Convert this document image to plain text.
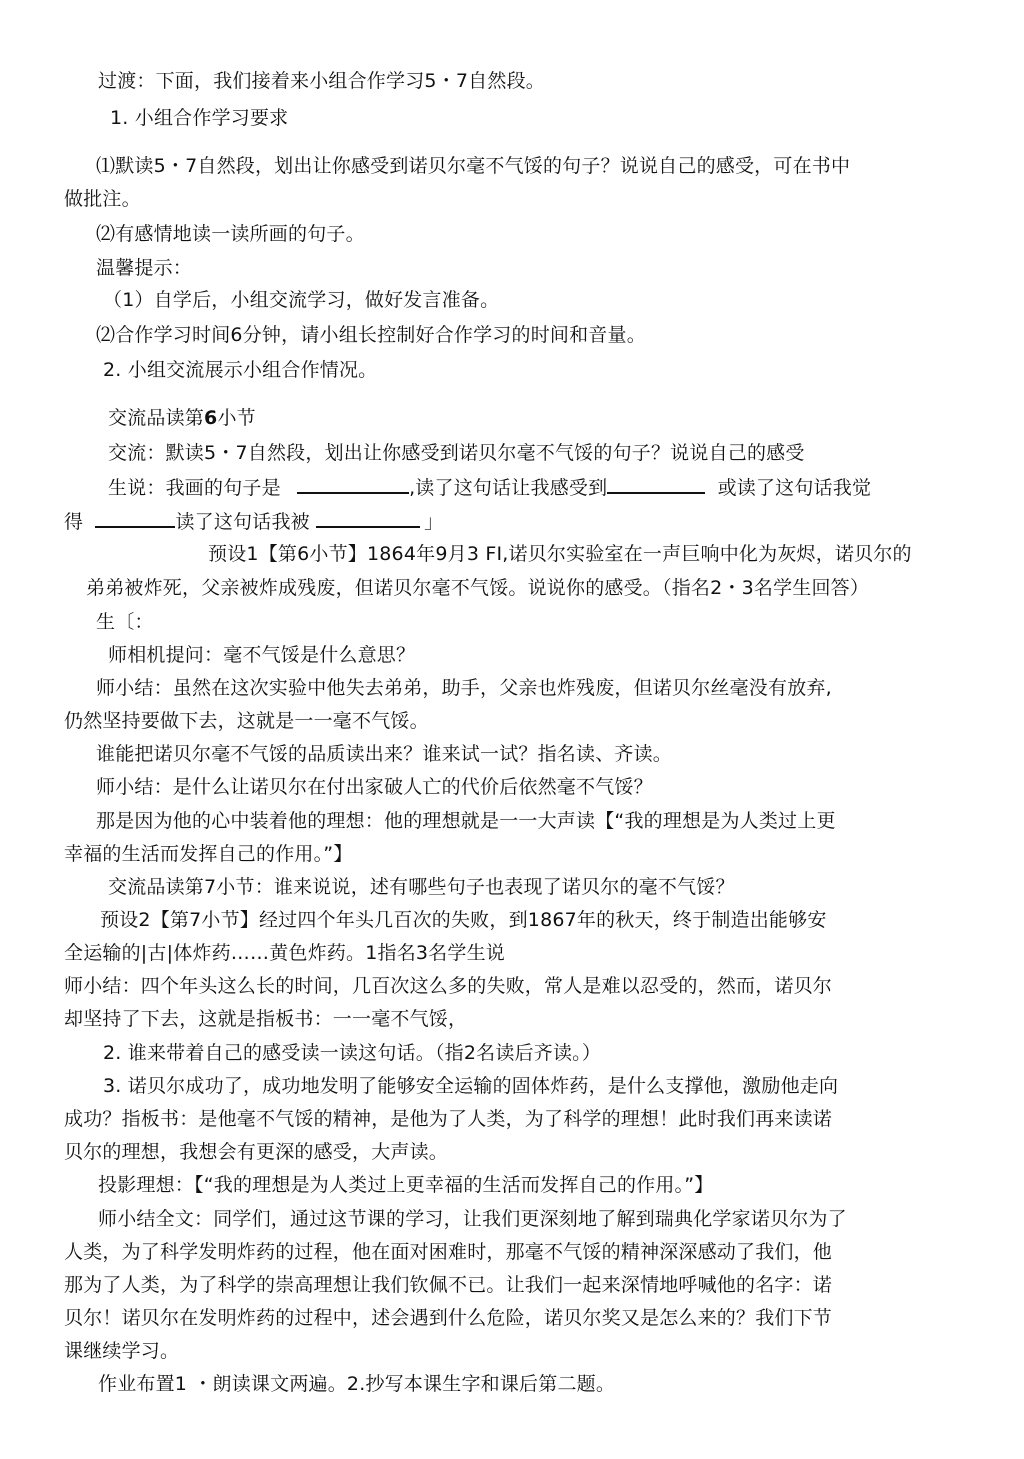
过渡：下面，我们接着来小组合作学习5・7自然段。
1. 小组合作学习要求
⑴默读5・7自然段，划出让你感受到诺贝尔毫不气馁的句子？说说自己的感受，可在书中
做批注。
⑵有感情地读一读所画的句子。
温馨提示：
（1）自学后，小组交流学习，做好发言准备。
⑵合作学习时间6分钟，请小组长控制好合作学习的时间和音量。
2. 小组交流展示小组合作情况。
交流品读第6小节
交流：默读5・7自然段，划出让你感受到诺贝尔毫不气馁的句子？说说自己的感受
生说：我画的句子是	,读了这句话让我感受到	或读了这句话我觉
得	读了这句话我被	」
预设1【第6小节】1864年9月3 FI,诺贝尔实验室在一声巨响中化为灰烬，诺贝尔的
弟弟被炸死，父亲被炸成残废，但诺贝尔毫不气馁。说说你的感受。（指名2・3名学生回答）
生〔：
师相机提问：毫不气馁是什么意思？
师小结：虽然在这次实验中他失去弟弟，助手，父亲也炸残废，但诺贝尔丝毫没有放弃,
仍然坚持要做下去，这就是一一毫不气馁。
谁能把诺贝尔毫不气馁的品质读出来？谁来试一试？指名读、齐读。
师小结：是什么让诺贝尔在付出家破人亡的代价后依然毫不气馁？
那是因为他的心中装着他的理想：他的理想就是一一大声读【“我的理想是为人类过上更
幸福的生活而发挥自己的作用。”】
交流品读第7小节：谁来说说，述有哪些句子也表现了诺贝尔的毫不气馁？
预设2【第7小节】经过四个年头几百次的失败，到1867年的秋天，终于制造岀能够安
全运输的|古|体炸药……黄色炸药。1指名3名学生说
师小结：四个年头这么长的时间，几百次这么多的失败，常人是难以忍受的，然而，诺贝尔
却坚持了下去，这就是指板书：一一毫不气馁，
2. 谁来带着自己的感受读一读这句话。（指2名读后齐读。）
3. 诺贝尔成功了，成功地发明了能够安全运输的固体炸药，是什么支撑他，激励他走向
成功？指板书：是他毫不气馁的精神，是他为了人类，为了科学的理想！此时我们再来读诺
贝尔的理想，我想会有更深的感受，大声读。
投影理想：【“我的理想是为人类过上更幸福的生活而发挥自己的作用。”】
师小结全文：同学们，通过这节课的学习，让我们更深刻地了解到瑞典化学家诺贝尔为了
人类，为了科学发明炸药的过程，他在面对困难时，那毫不气馁的精神深深感动了我们，他
那为了人类，为了科学的崇高理想让我们钦佩不已。让我们一起来深情地呼喊他的名字：诺
贝尔！诺贝尔在发明炸药的过程中，述会遇到什么危险，诺贝尔奖又是怎么来的？我们下节
课继续学习。
作业布置1 ・朗读课文两遍。2.抄写本课生字和课后第二题。
